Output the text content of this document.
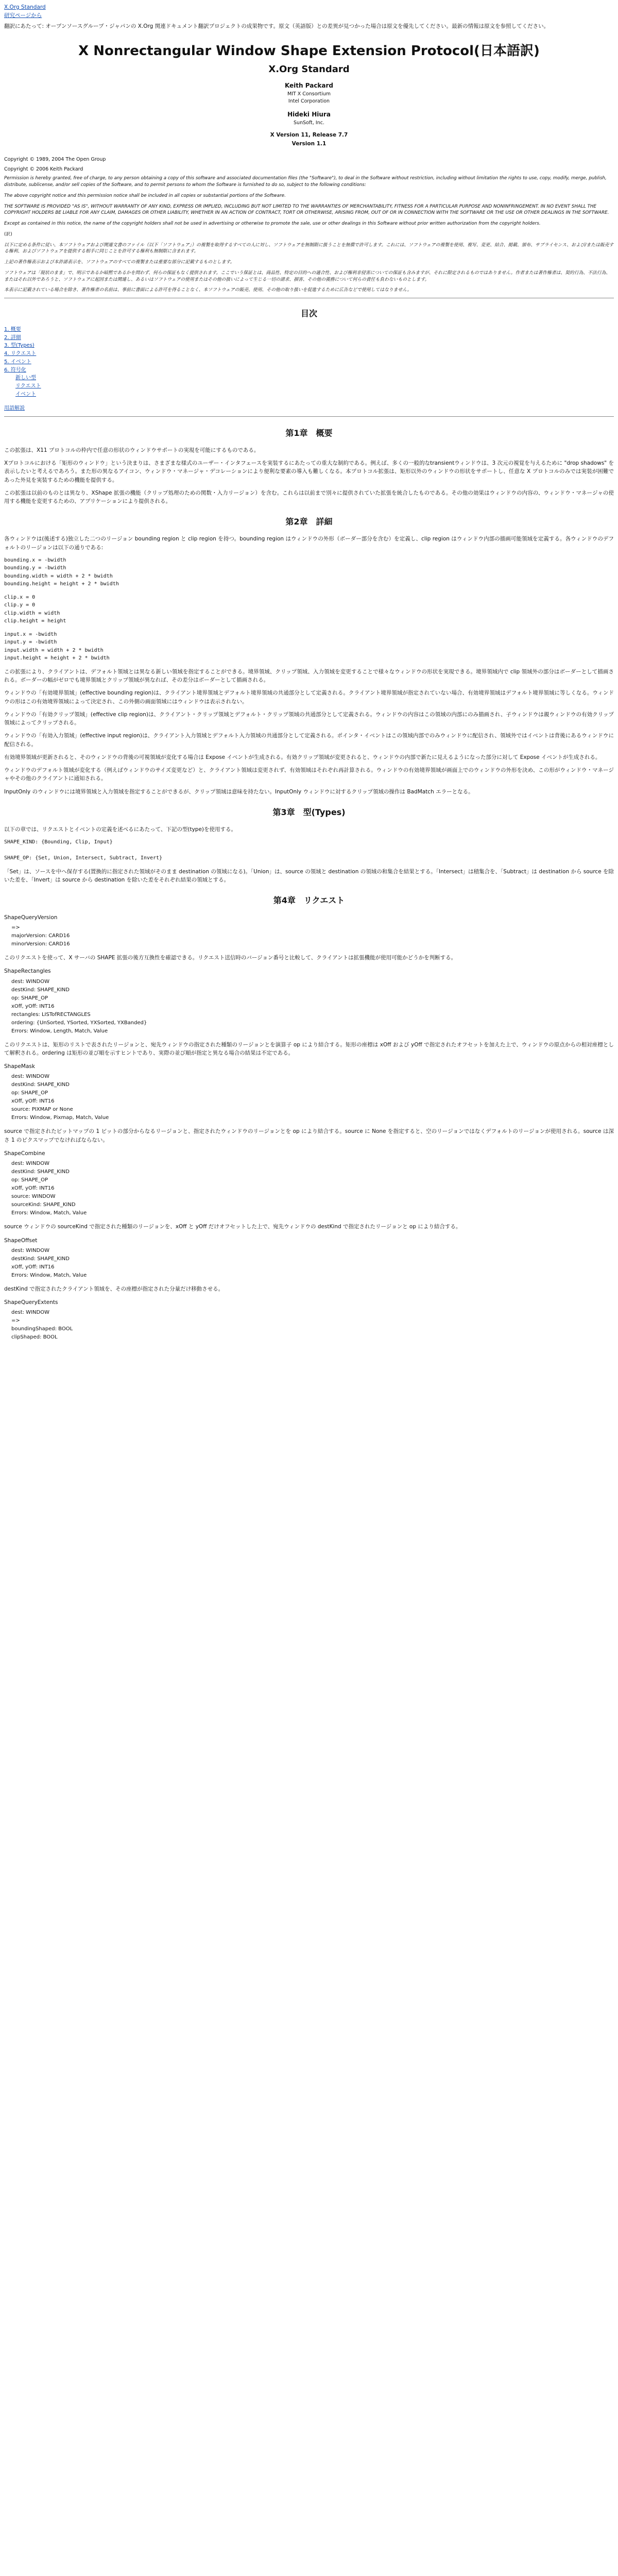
X.Org Standard
研究ページから

翻訳にあたって: オープンソースグループ・ジャパンの X.Org 関連ドキュメント翻訳プロジェクトの成果物です。原文（英語版）との差異が見つかった場合は原文を優先してください。最新の情報は原文を参照してください。

X Nonrectangular Window Shape Extension Protocol(日本語訳)
X.Org Standard
Keith Packard
MIT X Consortium
Intel Corporation
Hideki Hiura
SunSoft, Inc.
X Version 11, Release 7.7
Version 1.1
Copyright © 1989, 2004 The Open Group
Copyright © 2006 Keith Packard

Permission is hereby granted, free of charge, to any person obtaining a copy of this software and associated documentation files (the "Software"), to deal in the Software without restriction, including without limitation the rights to use, copy, modify, merge, publish, distribute, sublicense, and/or sell copies of the Software, and to permit persons to whom the Software is furnished to do so, subject to the following conditions:

The above copyright notice and this permission notice shall be included in all copies or substantial portions of the Software.

THE SOFTWARE IS PROVIDED "AS IS", WITHOUT WARRANTY OF ANY KIND, EXPRESS OR IMPLIED, INCLUDING BUT NOT LIMITED TO THE WARRANTIES OF MERCHANTABILITY, FITNESS FOR A PARTICULAR PURPOSE AND NONINFRINGEMENT. IN NO EVENT SHALL THE COPYRIGHT HOLDERS BE LIABLE FOR ANY CLAIM, DAMAGES OR OTHER LIABILITY, WHETHER IN AN ACTION OF CONTRACT, TORT OR OTHERWISE, ARISING FROM, OUT OF OR IN CONNECTION WITH THE SOFTWARE OR THE USE OR OTHER DEALINGS IN THE SOFTWARE.

Except as contained in this notice, the name of the copyright holders shall not be used in advertising or otherwise to promote the sale, use or other dealings in this Software without prior written authorization from the copyright holders.

(訳)

以下に定める条件に従い、本ソフトウェアおよび関連文書のファイル（以下「ソフトウェア」）の複製を取得するすべての人に対し、ソフトウェアを無制限に扱うことを無償で許可します。これには、ソフトウェアの複製を使用、複写、変更、結合、掲載、頒布、サブライセンス、および/または販売する権利、およびソフトウェアを提供する相手に同じことを許可する権利も無制限に含まれます。

上記の著作権表示および本許諾表示を、ソフトウェアのすべての複製または重要な部分に記載するものとします。

ソフトウェアは「現状のまま」で、明示であるか暗黙であるかを問わず、何らの保証もなく提供されます。ここでいう保証とは、商品性、特定の目的への適合性、および権利非侵害についての保証も含みますが、それに限定されるものではありません。作者または著作権者は、契約行為、不法行為、またはそれ以外であろうと、ソフトウェアに起因または関連し、あるいはソフトウェアの使用またはその他の扱いによって生じる一切の請求、損害、その他の義務について何らの責任も負わないものとします。

本表示に記載されている場合を除き、著作権者の名前は、事前に書面による許可を得ることなく、本ソフトウェアの販売、使用、その他の取り扱いを促進するために広告などで使用してはなりません。

目次
1. 概要
2. 詳細
3. 型(Types)
4. リクエスト
5. イベント
6. 符号化
新しい型
リクエスト
イベント
用語解説
第1章　概要

この拡張は、X11 プロトコルの枠内で任意の形状のウィンドウサポートの実現を可能にするものである。

Xプロトコルにおける「矩形のウィンドウ」という決まりは、さまざまな様式のユーザー・インタフェースを実装するにあたっての重大な制約である。例えば、多くの一般的なtransientウィンドウは、3 次元の視覚を与えるために "drop shadows" を表示したいと考えるであろう。また形の異なるアイコン、ウィンドウ・マネージャ・デコレーションにより便利な要素の導入も難しくなる。本プロトコル拡張は、矩形以外のウィンドウの形状をサポートし、任意な X プロトコルのみでは実装が困難であった外見を実装するための機能を提供する。

この拡張は以前のものとは異なり、XShape 拡張の機能（クリップ処理のための関数・入力リージョン）を含む。これらは以前まで別々に提供されていた拡張を統合したものである。その他の効果はウィンドウの内容の、ウィンドウ・マネージャの使用する機能を変更するための、アプリケーションにより提供される。

第2章　詳細

各ウィンドウは(後述する)独立した二つのリージョン bounding region と clip region を持つ。bounding region はウィンドウの外形（ボーダー部分を含む）を定義し、clip region はウィンドウ内部の描画可能領域を定義する。各ウィンドウのデフォルトのリージョンは以下の通りである:

bounding.x = -bwidth
bounding.y = -bwidth
bounding.width = width + 2 * bwidth
bounding.height = height + 2 * bwidth
clip.x = 0
clip.y = 0
clip.width = width
clip.height = height
input.x = -bwidth
input.y = -bwidth
input.width = width + 2 * bwidth
input.height = height + 2 * bwidth

この拡張により、クライアントは、デフォルト領域とは異なる新しい領域を指定することができる。境界領域、クリップ領域、入力領域を変更することで様々なウィンドウの形状を実現できる。境界領域内で clip 領域外の部分はボーダーとして描画される。ボーダーの幅がゼロでも境界領域とクリップ領域が異なれば、その差分はボーダーとして描画される。

ウィンドウの「有効境界領域」(effective bounding region)は、クライアント境界領域とデフォルト境界領域の共通部分として定義される。クライアント境界領域が指定されていない場合、有効境界領域はデフォルト境界領域に等しくなる。ウィンドウの形はこの有効境界領域によって決定され、この外側の画面領域にはウィンドウは表示されない。

ウィンドウの「有効クリップ領域」(effective clip region)は、クライアント・クリップ領域とデフォルト・クリップ領域の共通部分として定義される。ウィンドウの内容はこの領域の内部にのみ描画され、子ウィンドウは親ウィンドウの有効クリップ領域によってクリップされる。

ウィンドウの「有効入力領域」(effective input region)は、クライアント入力領域とデフォルト入力領域の共通部分として定義される。ポインタ・イベントはこの領域内部でのみウィンドウに配信され、領域外ではイベントは背後にあるウィンドウに配信される。

有効境界領域が更新されると、そのウィンドウの背後の可視領域が変化する場合は Expose イベントが生成される。有効クリップ領域が変更されると、ウィンドウの内部で新たに見えるようになった部分に対して Expose イベントが生成される。

ウィンドウのデフォルト領域が変化する（例えばウィンドウのサイズ変更など）と、クライアント領域は変更されず、有効領域はそれぞれ再計算される。ウィンドウの有効境界領域が画面上でのウィンドウの外形を決め、この形がウィンドウ・マネージャやその他のクライアントに通知される。

InputOnly のウィンドウには境界領域と入力領域を指定することができるが、クリップ領域は意味を持たない。InputOnly ウィンドウに対するクリップ領域の操作は BadMatch エラーとなる。

第3章　型(Types)

以下の章では、リクエストとイベントの定義を述べるにあたって、下記の型(type)を使用する。

SHAPE_KIND: {Bounding, Clip, Input}

SHAPE_OP: {Set, Union, Intersect, Subtract, Invert}

「Set」は、ソースを中へ保存する(置換的に指定された領域がそのまま destination の領域になる)。「Union」は、source の領域と destination の領域の和集合を結果とする。「Intersect」は積集合を、「Subtract」は destination から source を除いた差を、「Invert」は source から destination を除いた差をそれぞれ結果の領域とする。

第4章　リクエスト
ShapeQueryVersion
=>
majorVersion: CARD16
minorVersion: CARD16

このリクエストを使って、X サーバの SHAPE 拡張の後方互換性を確認できる。リクエスト送信時のバージョン番号と比較して、クライアントは拡張機能が使用可能かどうかを判断する。

ShapeRectangles
dest: WINDOW
destKind: SHAPE_KIND
op: SHAPE_OP
xOff, yOff: INT16
rectangles: LISTofRECTANGLES
ordering: {UnSorted, YSorted, YXSorted, YXBanded}
Errors: Window, Length, Match, Value

このリクエストは、矩形のリストで表されたリージョンと、宛先ウィンドウの指定された種類のリージョンとを演算子 op により結合する。矩形の座標は xOff および yOff で指定されたオフセットを加えた上で、ウィンドウの原点からの相対座標として解釈される。ordering は矩形の並び順を示すヒントであり、実際の並び順が指定と異なる場合の結果は不定である。

ShapeMask
dest: WINDOW
destKind: SHAPE_KIND
op: SHAPE_OP
xOff, yOff: INT16
source: PIXMAP or None
Errors: Window, Pixmap, Match, Value

source で指定されたビットマップの 1 ビットの部分からなるリージョンと、指定されたウィンドウのリージョンとを op により結合する。source に None を指定すると、空のリージョンではなくデフォルトのリージョンが使用される。source は深さ 1 のピクスマップでなければならない。

ShapeCombine
dest: WINDOW
destKind: SHAPE_KIND
op: SHAPE_OP
xOff, yOff: INT16
source: WINDOW
sourceKind: SHAPE_KIND
Errors: Window, Match, Value

source ウィンドウの sourceKind で指定された種類のリージョンを、xOff と yOff だけオフセットした上で、宛先ウィンドウの destKind で指定されたリージョンと op により結合する。

ShapeOffset
dest: WINDOW
destKind: SHAPE_KIND
xOff, yOff: INT16
Errors: Window, Match, Value

destKind で指定されたクライアント領域を、その座標が指定された分量だけ移動させる。

ShapeQueryExtents
dest: WINDOW
=>
boundingShaped: BOOL
clipShaped: BOOL
